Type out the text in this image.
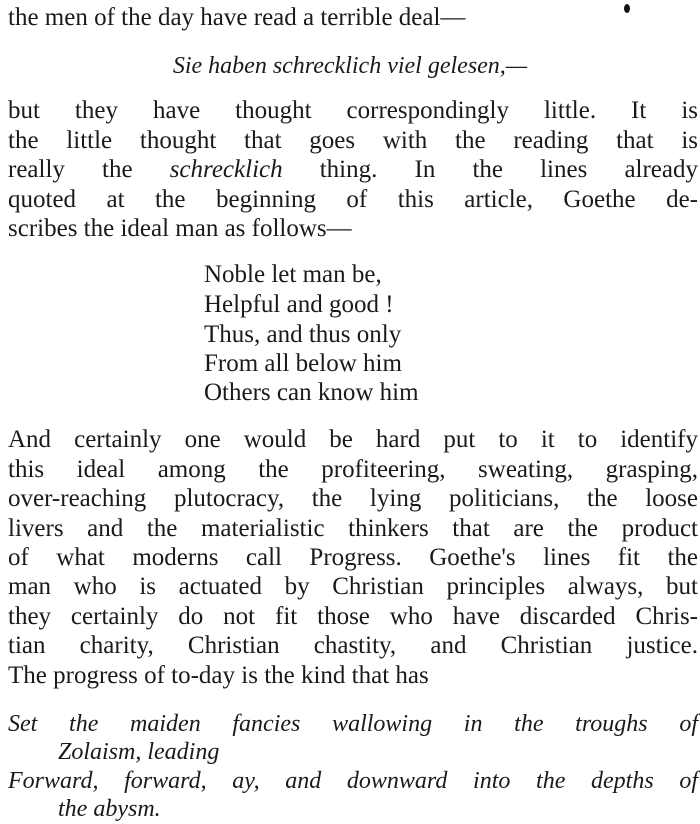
the men of the day have read a terrible deal—
Sie haben schrecklich viel gelesen,—
but they have thought correspondingly little. It is
the little thought that goes with the reading that is
really the schrecklich thing. In the lines already
quoted at the beginning of this article, Goethe de-
scribes the ideal man as follows—
Noble let man be,
Helpful and good !
Thus, and thus only
From all below him
Others can know him
And certainly one would be hard put to it to identify
this ideal among the profiteering, sweating, grasping,
over-reaching plutocracy, the lying politicians, the loose
livers and the materialistic thinkers that are the product
of what moderns call Progress. Goethe's lines fit the
man who is actuated by Christian principles always, but
they certainly do not fit those who have discarded Chris-
tian charity, Christian chastity, and Christian justice.
The progress of to-day is the kind that has
Set the maiden fancies wallowing in the troughs of
Zolaism, leading
Forward, forward, ay, and downward into the depths of
the abysm.
